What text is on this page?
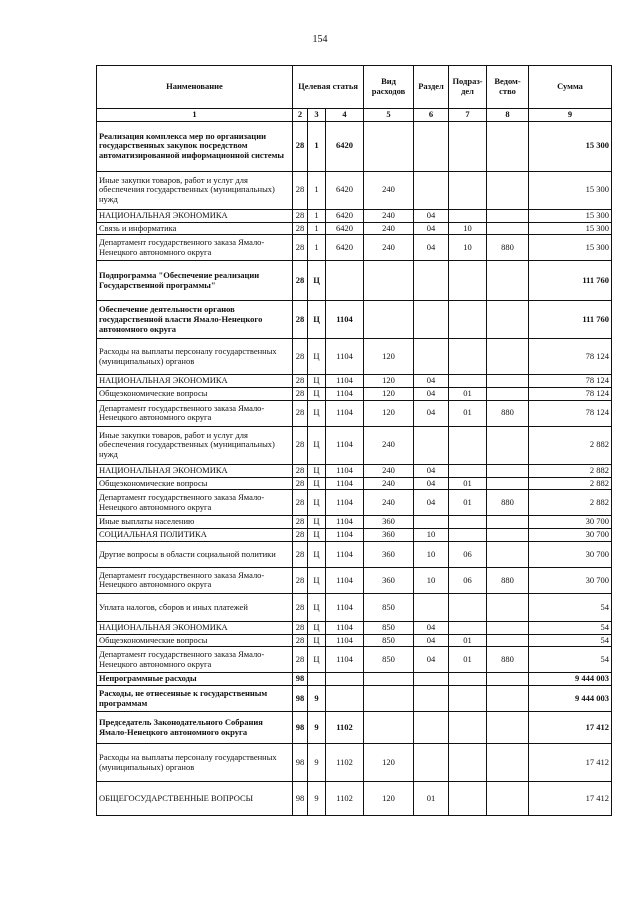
154
Наименование	Целевая статья			Вид расходов	Раздел	Подраз-дел	Ведом-ство	Сумма
1	2	3	4	5	6	7	8	9
Реализация комплекса мер по организации государственных закупок посредством автоматизированной информационной системы	28	1	6420					15 300
Иные закупки товаров, работ и услуг для обеспечения государственных (муниципальных) нужд	28	1	6420	240				15 300
НАЦИОНАЛЬНАЯ ЭКОНОМИКА	28	1	6420	240	04			15 300
Связь и информатика	28	1	6420	240	04	10		15 300
Департамент государственного заказа Ямало-Ненецкого автономного округа	28	1	6420	240	04	10	880	15 300
Подпрограмма "Обеспечение реализации Государственной программы"	28	Ц						111 760
Обеспечение деятельности органов государственной власти Ямало-Ненецкого автономного округа	28	Ц	1104					111 760
Расходы на выплаты персоналу государственных (муниципальных) органов	28	Ц	1104	120				78 124
НАЦИОНАЛЬНАЯ ЭКОНОМИКА	28	Ц	1104	120	04			78 124
Общеэкономические вопросы	28	Ц	1104	120	04	01		78 124
Департамент государственного заказа Ямало-Ненецкого автономного округа	28	Ц	1104	120	04	01	880	78 124
Иные закупки товаров, работ и услуг для обеспечения государственных (муниципальных) нужд	28	Ц	1104	240				2 882
НАЦИОНАЛЬНАЯ ЭКОНОМИКА	28	Ц	1104	240	04			2 882
Общеэкономические вопросы	28	Ц	1104	240	04	01		2 882
Департамент государственного заказа Ямало-Ненецкого автономного округа	28	Ц	1104	240	04	01	880	2 882
Иные выплаты населению	28	Ц	1104	360				30 700
СОЦИАЛЬНАЯ ПОЛИТИКА	28	Ц	1104	360	10			30 700
Другие вопросы в области социальной политики	28	Ц	1104	360	10	06		30 700
Департамент государственного заказа Ямало-Ненецкого автономного округа	28	Ц	1104	360	10	06	880	30 700
Уплата налогов, сборов и иных платежей	28	Ц	1104	850				54
НАЦИОНАЛЬНАЯ ЭКОНОМИКА	28	Ц	1104	850	04			54
Общеэкономические вопросы	28	Ц	1104	850	04	01		54
Департамент государственного заказа Ямало-Ненецкого автономного округа	28	Ц	1104	850	04	01	880	54
Непрограммные расходы	98							9 444 003
Расходы, не отнесенные к государственным программам	98	9						9 444 003
Председатель Законодательного Собрания Ямало-Ненецкого автономного округа	98	9	1102					17 412
Расходы на выплаты персоналу государственных (муниципальных) органов	98	9	1102	120				17 412
ОБЩЕГОСУДАРСТВЕННЫЕ ВОПРОСЫ	98	9	1102	120	01			17 412
